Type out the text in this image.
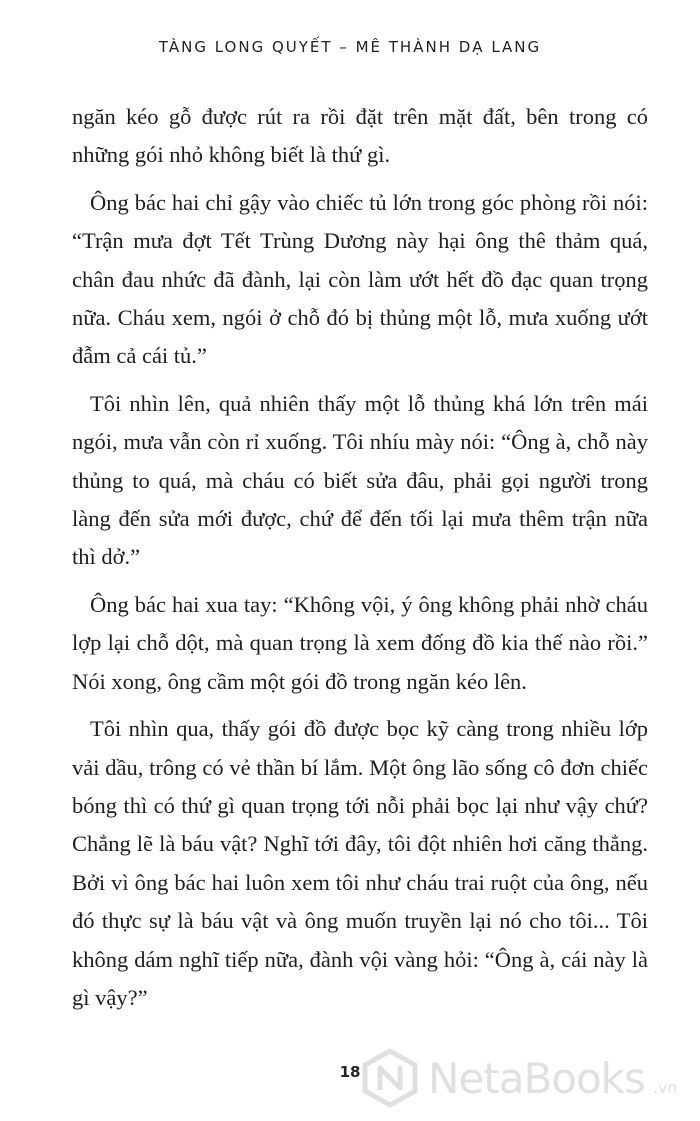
TÀNG LONG QUYẾT – MÊ THÀNH DẠ LANG

ngăn kéo gỗ được rút ra rồi đặt trên mặt đất, bên trong có những gói nhỏ không biết là thứ gì.

Ông bác hai chỉ gậy vào chiếc tủ lớn trong góc phòng rồi nói: “Trận mưa đợt Tết Trùng Dương này hại ông thê thảm quá, chân đau nhức đã đành, lại còn làm ướt hết đồ đạc quan trọng nữa. Cháu xem, ngói ở chỗ đó bị thủng một lỗ, mưa xuống ướt đẫm cả cái tủ.”

Tôi nhìn lên, quả nhiên thấy một lỗ thủng khá lớn trên mái ngói, mưa vẫn còn rỉ xuống. Tôi nhíu mày nói: “Ông à, chỗ này thủng to quá, mà cháu có biết sửa đâu, phải gọi người trong làng đến sửa mới được, chứ để đến tối lại mưa thêm trận nữa thì dở.”

Ông bác hai xua tay: “Không vội, ý ông không phải nhờ cháu lợp lại chỗ dột, mà quan trọng là xem đống đồ kia thế nào rồi.” Nói xong, ông cầm một gói đồ trong ngăn kéo lên.

Tôi nhìn qua, thấy gói đồ được bọc kỹ càng trong nhiều lớp vải dầu, trông có vẻ thần bí lắm. Một ông lão sống cô đơn chiếc bóng thì có thứ gì quan trọng tới nỗi phải bọc lại như vậy chứ? Chẳng lẽ là báu vật? Nghĩ tới đây, tôi đột nhiên hơi căng thẳng. Bởi vì ông bác hai luôn xem tôi như cháu trai ruột của ông, nếu đó thực sự là báu vật và ông muốn truyền lại nó cho tôi... Tôi không dám nghĩ tiếp nữa, đành vội vàng hỏi: “Ông à, cái này là gì vậy?”

18	NetaBooks .vn
